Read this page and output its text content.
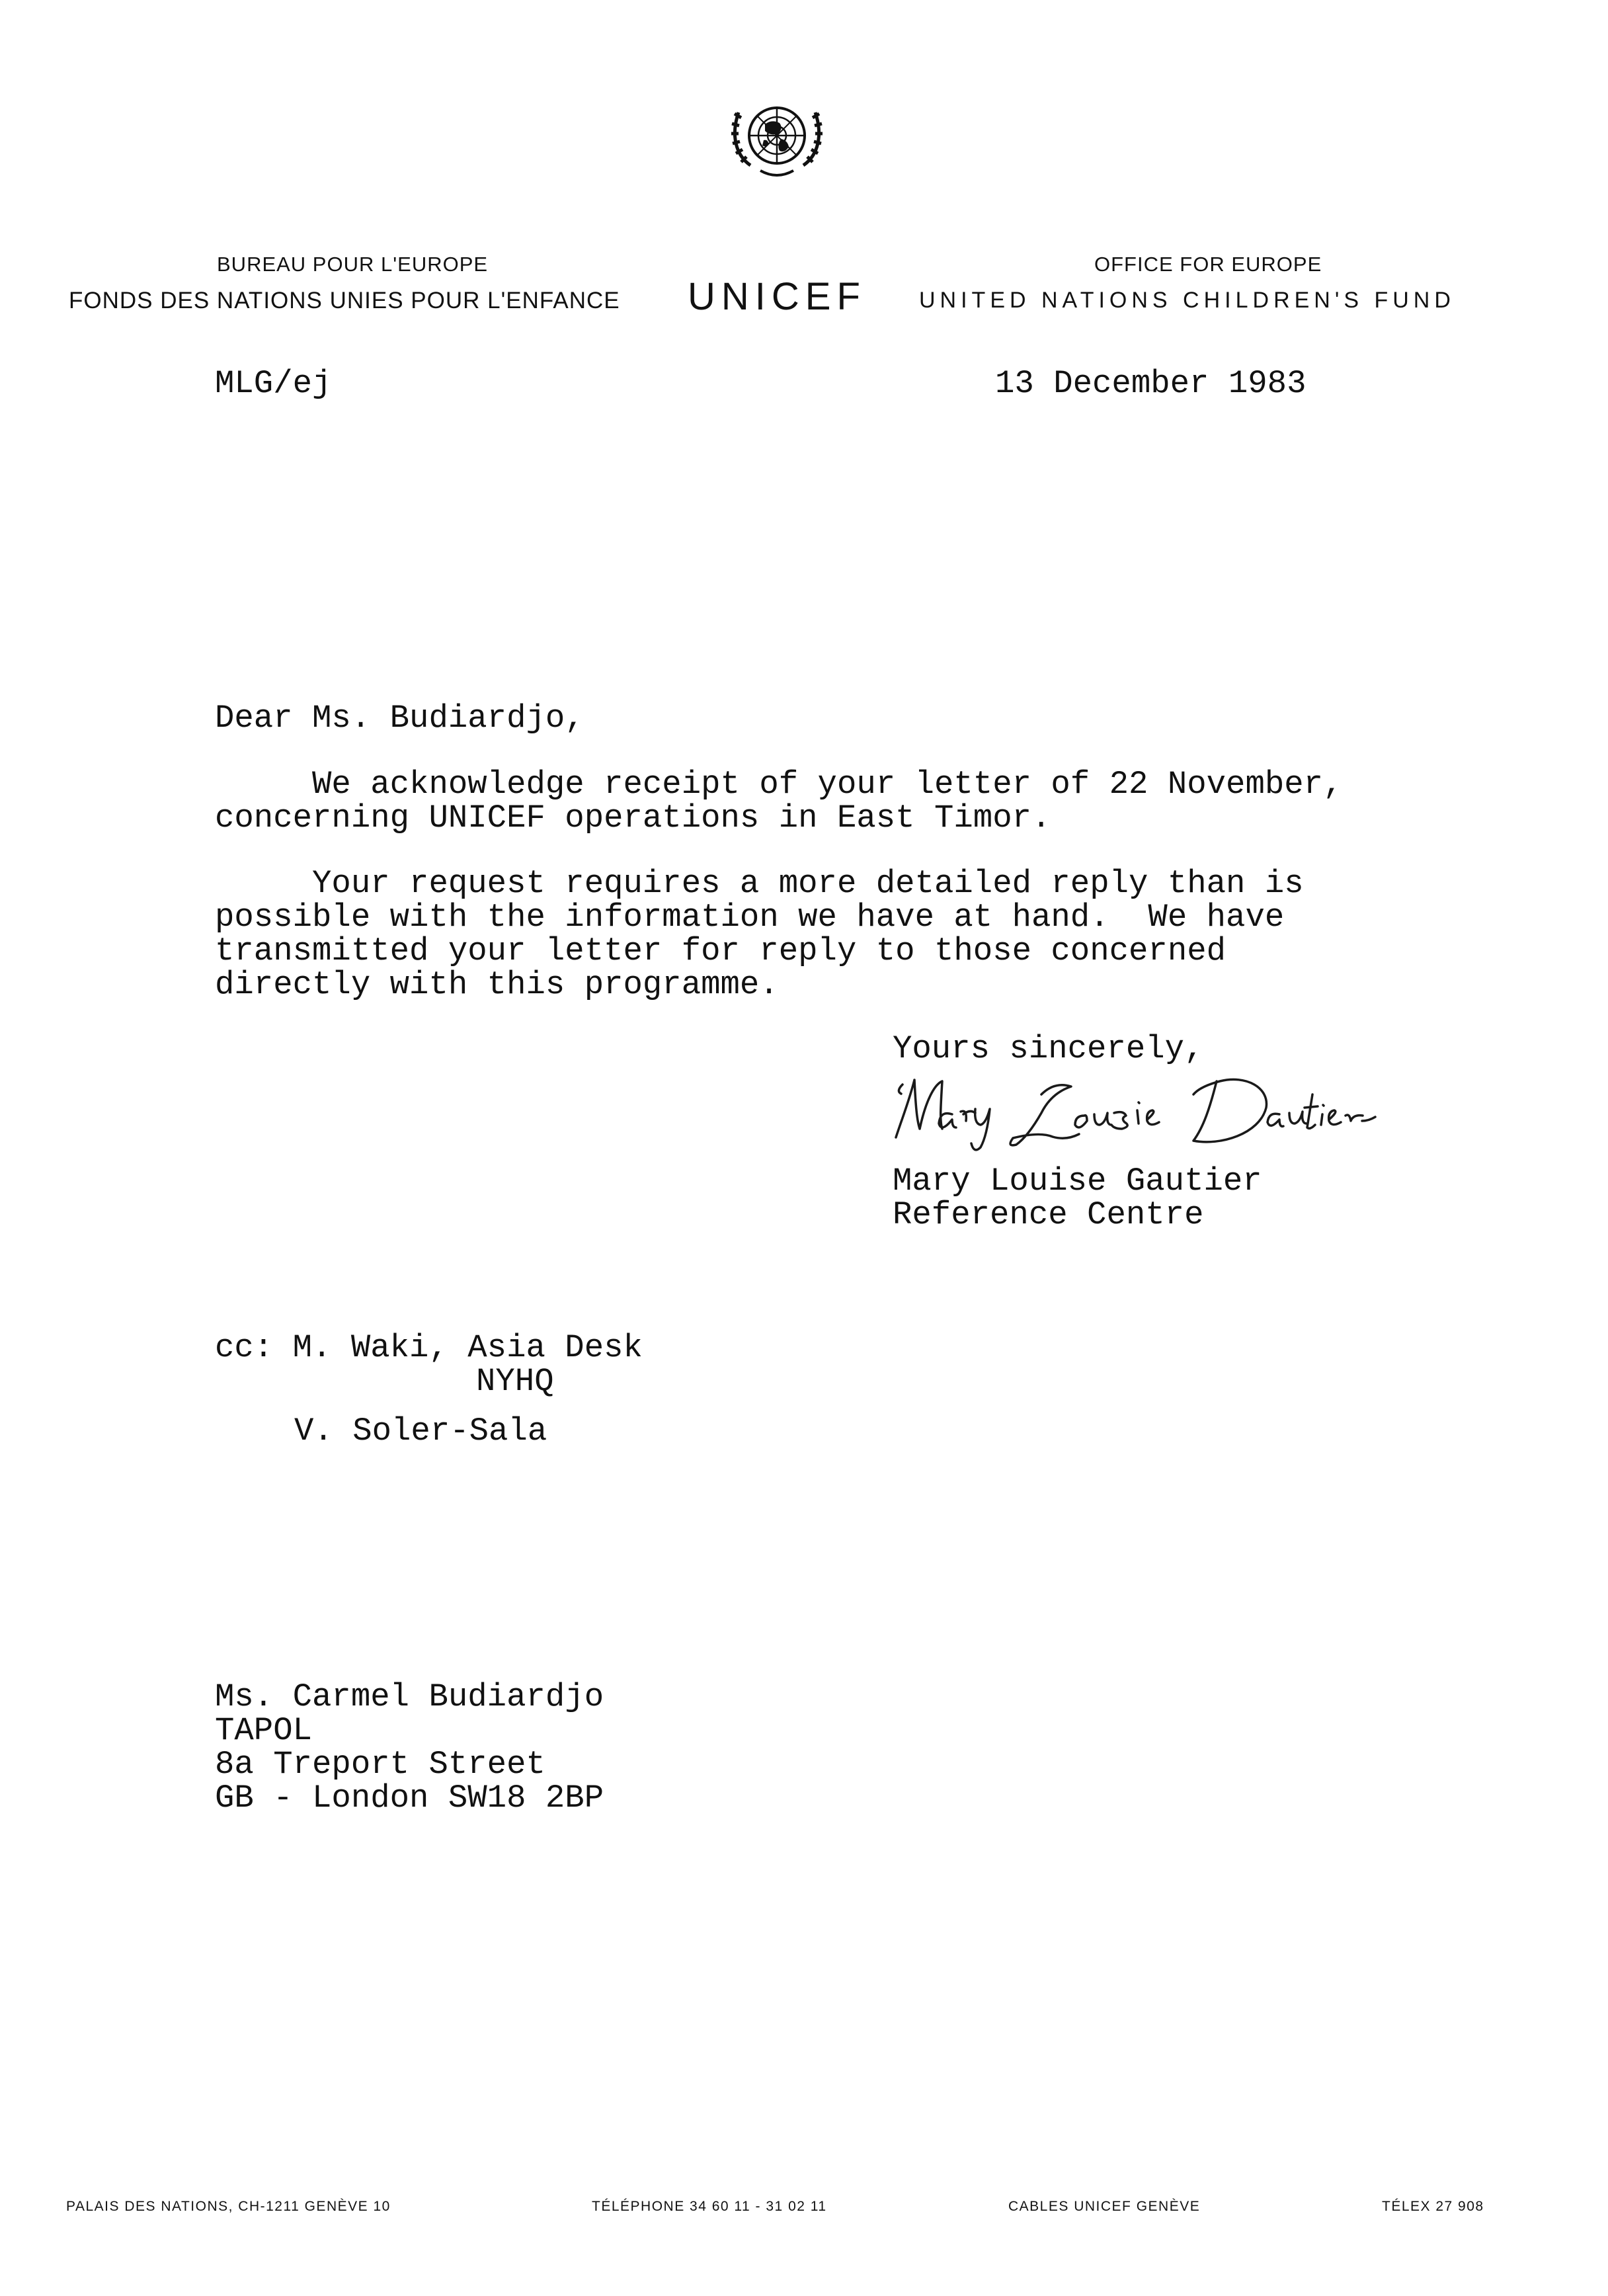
BUREAU POUR L'EUROPE
FONDS DES NATIONS UNIES POUR L'ENFANCE UNICEF
OFFICE FOR EUROPE
UNITED NATIONS CHILDREN'S FUND
MLG/ej	13 December 1983
Dear Ms. Budiardjo,
We acknowledge receipt of your letter of 22 November,
concerning UNICEF operations in East Timor.
Your request requires a more detailed reply than is
possible with the information we have at hand.  We have
transmitted your letter for reply to those concerned
directly with this programme.
Yours sincerely,
Mary Louise Gautier
Reference Centre
cc: M. Waki, Asia Desk
NYHQ
V. Soler-Sala
Ms. Carmel Budiardjo
TAPOL
8a Treport Street
GB - London SW18 2BP
PALAIS DES NATIONS, CH-1211 GENÈVE 10	TÉLÉPHONE 34 60 11 - 31 02 11	CABLES UNICEF GENÈVE	TÉLEX 27 908
